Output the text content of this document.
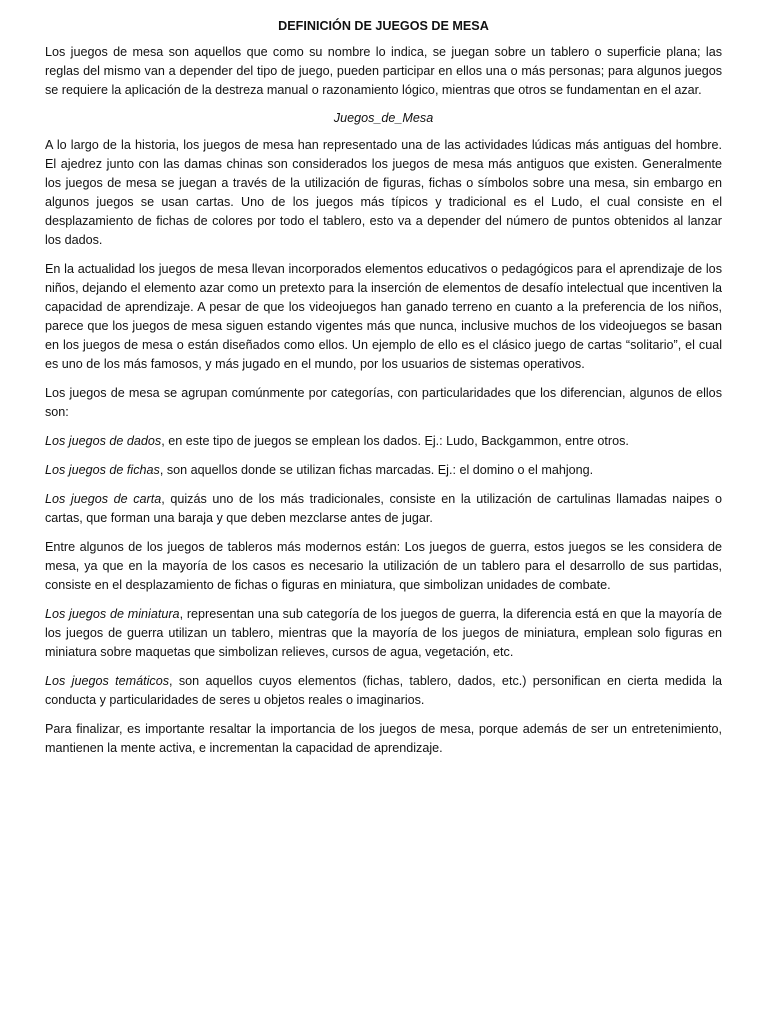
DEFINICIÓN DE JUEGOS DE MESA

Los juegos de mesa son aquellos que como su nombre lo indica, se juegan sobre un tablero o superficie plana; las reglas del mismo van a depender del tipo de juego, pueden participar en ellos una o más personas; para algunos juegos se requiere la aplicación de la destreza manual o razonamiento lógico, mientras que otros se fundamentan en el azar.

Juegos_de_Mesa

A lo largo de la historia, los juegos de mesa han representado una de las actividades lúdicas más antiguas del hombre. El ajedrez junto con las damas chinas son considerados los juegos de mesa más antiguos que existen. Generalmente los juegos de mesa se juegan a través de la utilización de figuras, fichas o símbolos sobre una mesa, sin embargo en algunos juegos se usan cartas. Uno de los juegos más típicos y tradicional es el Ludo, el cual consiste en el desplazamiento de fichas de colores por todo el tablero, esto va a depender del número de puntos obtenidos al lanzar los dados.

En la actualidad los juegos de mesa llevan incorporados elementos educativos o pedagógicos para el aprendizaje de los niños, dejando el elemento azar como un pretexto para la inserción de elementos de desafío intelectual que incentiven la capacidad de aprendizaje. A pesar de que los videojuegos han ganado terreno en cuanto a la preferencia de los niños, parece que los juegos de mesa siguen estando vigentes más que nunca, inclusive muchos de los videojuegos se basan en los juegos de mesa o están diseñados como ellos. Un ejemplo de ello es el clásico juego de cartas “solitario”, el cual es uno de los más famosos, y más jugado en el mundo, por los usuarios de sistemas operativos.

Los juegos de mesa se agrupan comúnmente por categorías, con particularidades que los diferencian, algunos de ellos son:

Los juegos de dados, en este tipo de juegos se emplean los dados. Ej.: Ludo, Backgammon, entre otros.

Los juegos de fichas, son aquellos donde se utilizan fichas marcadas. Ej.: el domino o el mahjong.

Los juegos de carta, quizás uno de los más tradicionales, consiste en la utilización de cartulinas llamadas naipes o cartas, que forman una baraja y que deben mezclarse antes de jugar.

Entre algunos de los juegos de tableros más modernos están: Los juegos de guerra, estos juegos se les considera de mesa, ya que en la mayoría de los casos es necesario la utilización de un tablero para el desarrollo de sus partidas, consiste en el desplazamiento de fichas o figuras en miniatura, que simbolizan unidades de combate.

Los juegos de miniatura, representan una sub categoría de los juegos de guerra, la diferencia está en que la mayoría de los juegos de guerra utilizan un tablero, mientras que la mayoría de los juegos de miniatura, emplean solo figuras en miniatura sobre maquetas que simbolizan relieves, cursos de agua, vegetación, etc.

Los juegos temáticos, son aquellos cuyos elementos (fichas, tablero, dados, etc.) personifican en cierta medida la conducta y particularidades de seres u objetos reales o imaginarios.

Para finalizar, es importante resaltar la importancia de los juegos de mesa, porque además de ser un entretenimiento, mantienen la mente activa, e incrementan la capacidad de aprendizaje.
